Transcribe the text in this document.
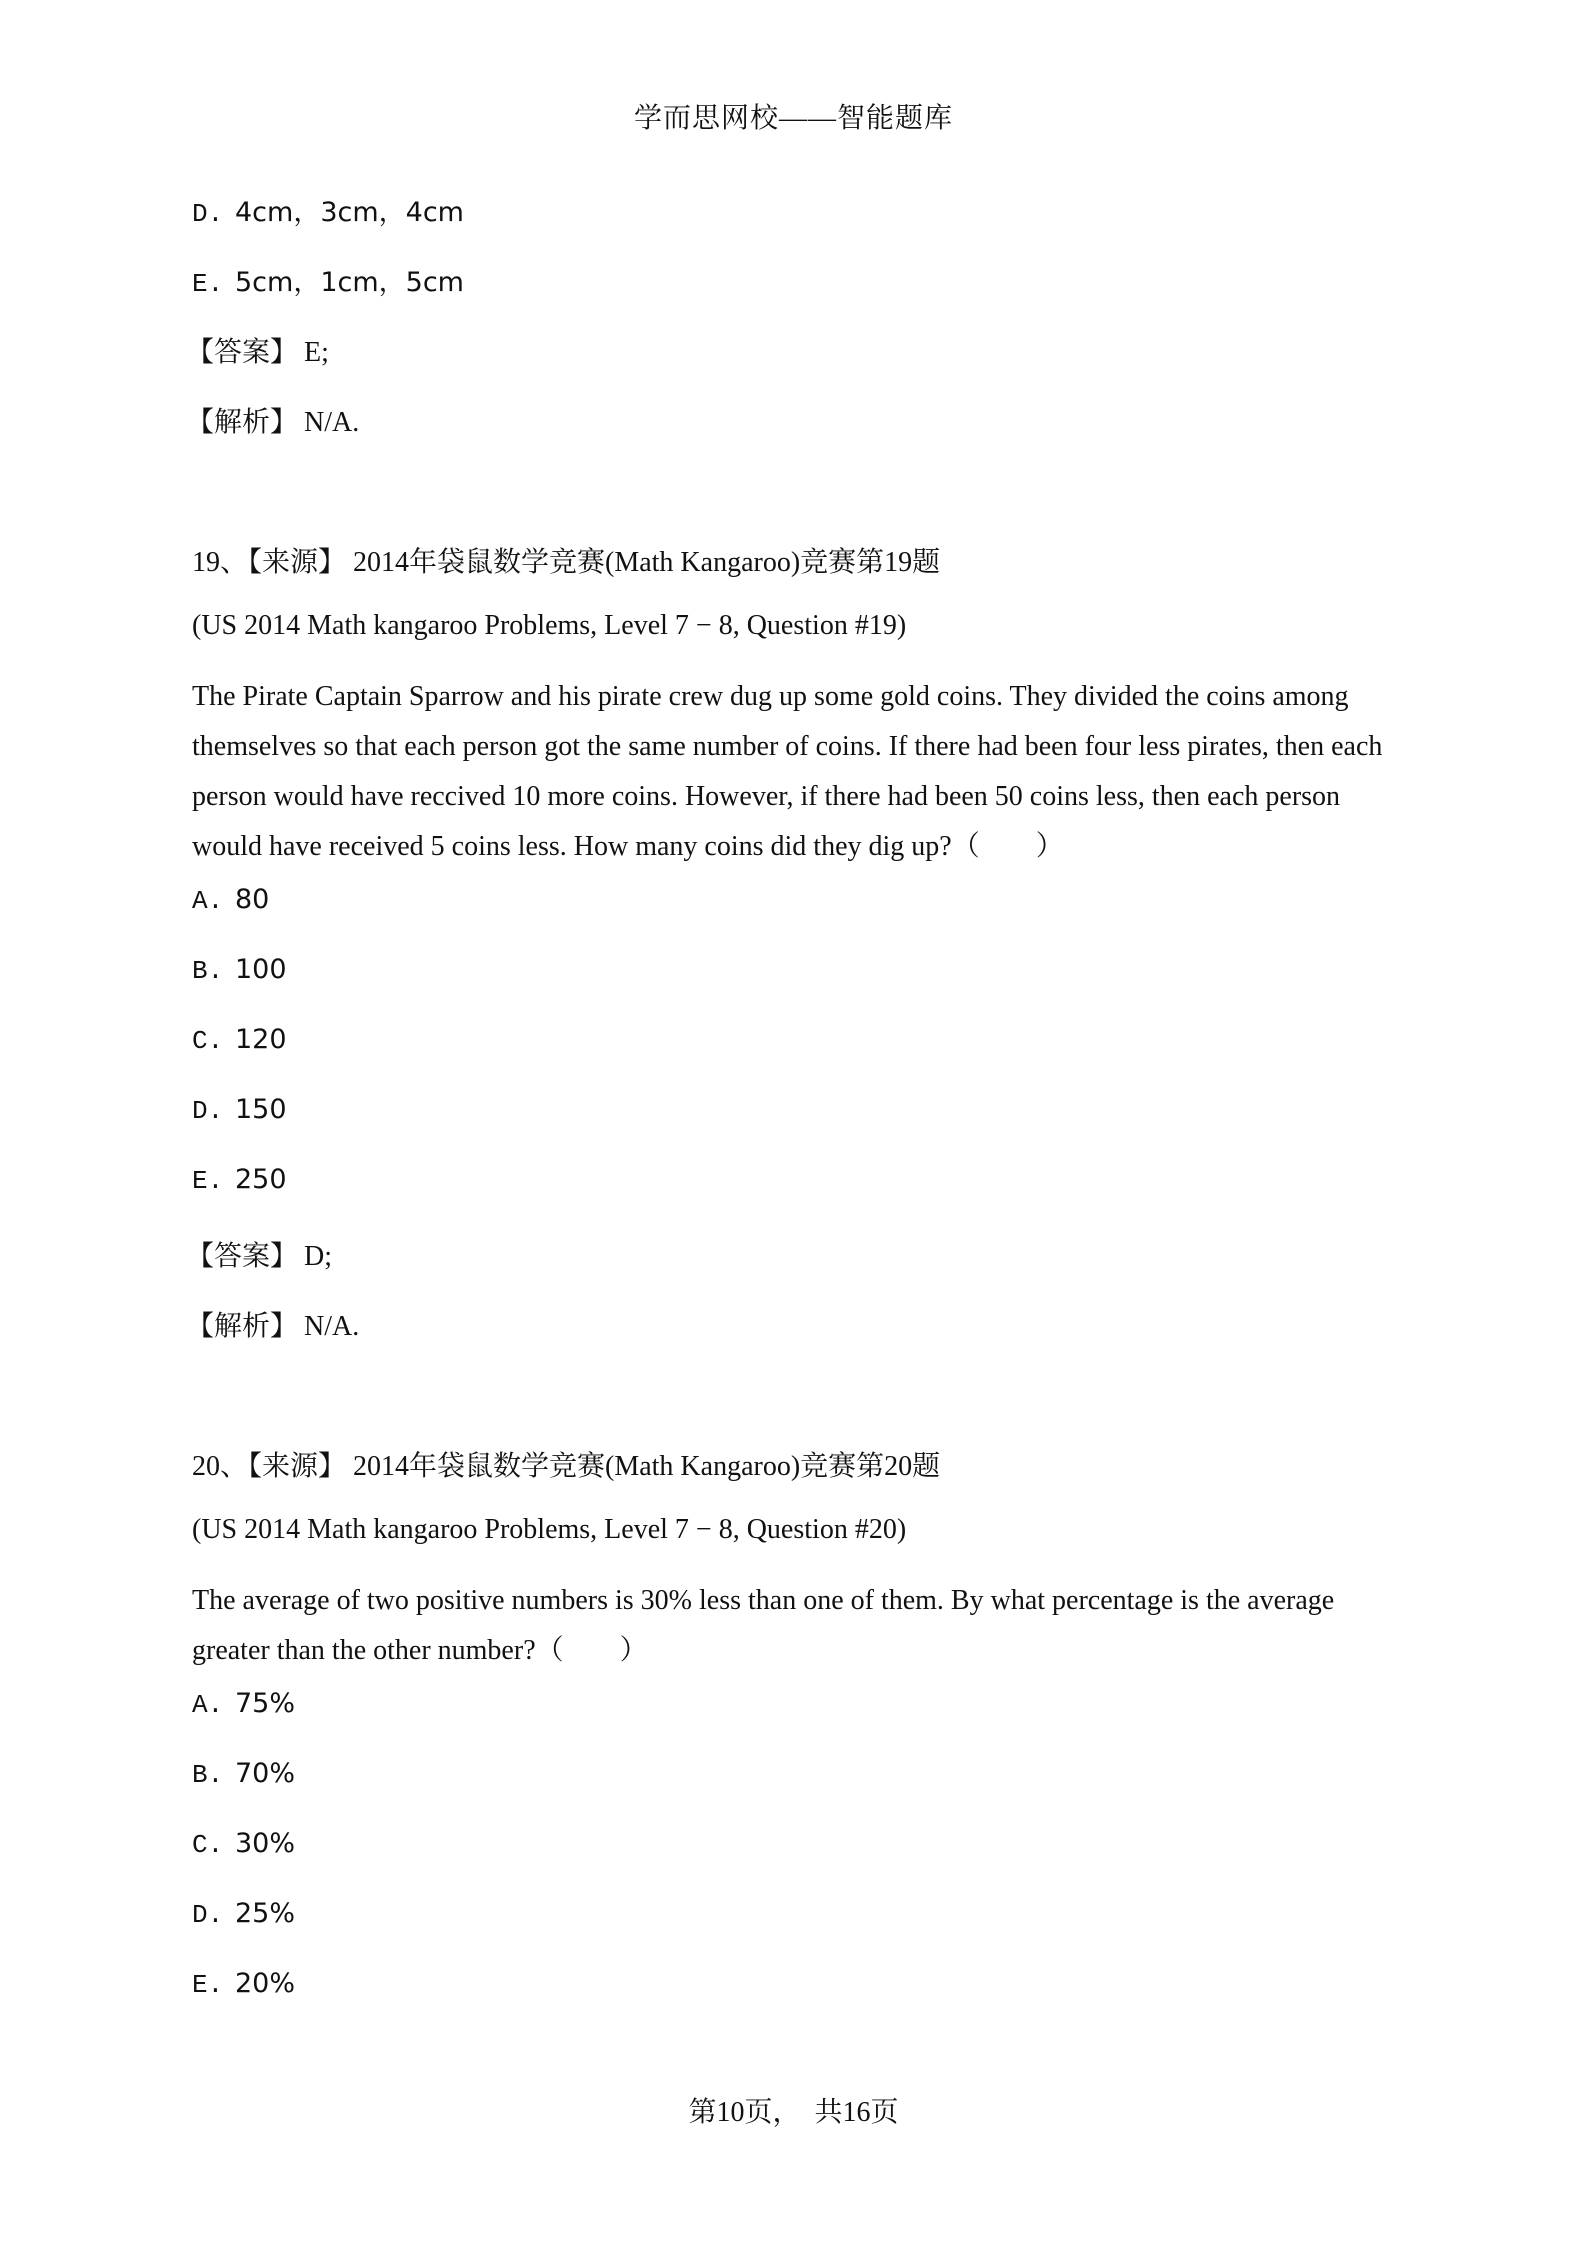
学而思网校——智能题库
D. 4cm，3cm，4cm
E. 5cm，1cm，5cm
【答案】 E;
【解析】 N/A.
19、【来源】 2014年袋鼠数学竞赛(Math Kangaroo)竞赛第19题
(US 2014 Math kangaroo Problems, Level 7 − 8, Question #19)
The Pirate Captain Sparrow and his pirate crew dug up some gold coins. They divided the coins among themselves so that each person got the same number of coins. If there had been four less pirates, then each person would have reccived 10 more coins. However, if there had been 50 coins less, then each person would have received 5 coins less. How many coins did they dig up?（　　）
A. 80
B. 100
C. 120
D. 150
E. 250
【答案】 D;
【解析】 N/A.
20、【来源】 2014年袋鼠数学竞赛(Math Kangaroo)竞赛第20题
(US 2014 Math kangaroo Problems, Level 7 − 8, Question #20)
The average of two positive numbers is 30% less than one of them. By what percentage is the average greater than the other number?（　　）
A. 75%
B. 70%
C. 30%
D. 25%
E. 20%
第10页，　共16页
